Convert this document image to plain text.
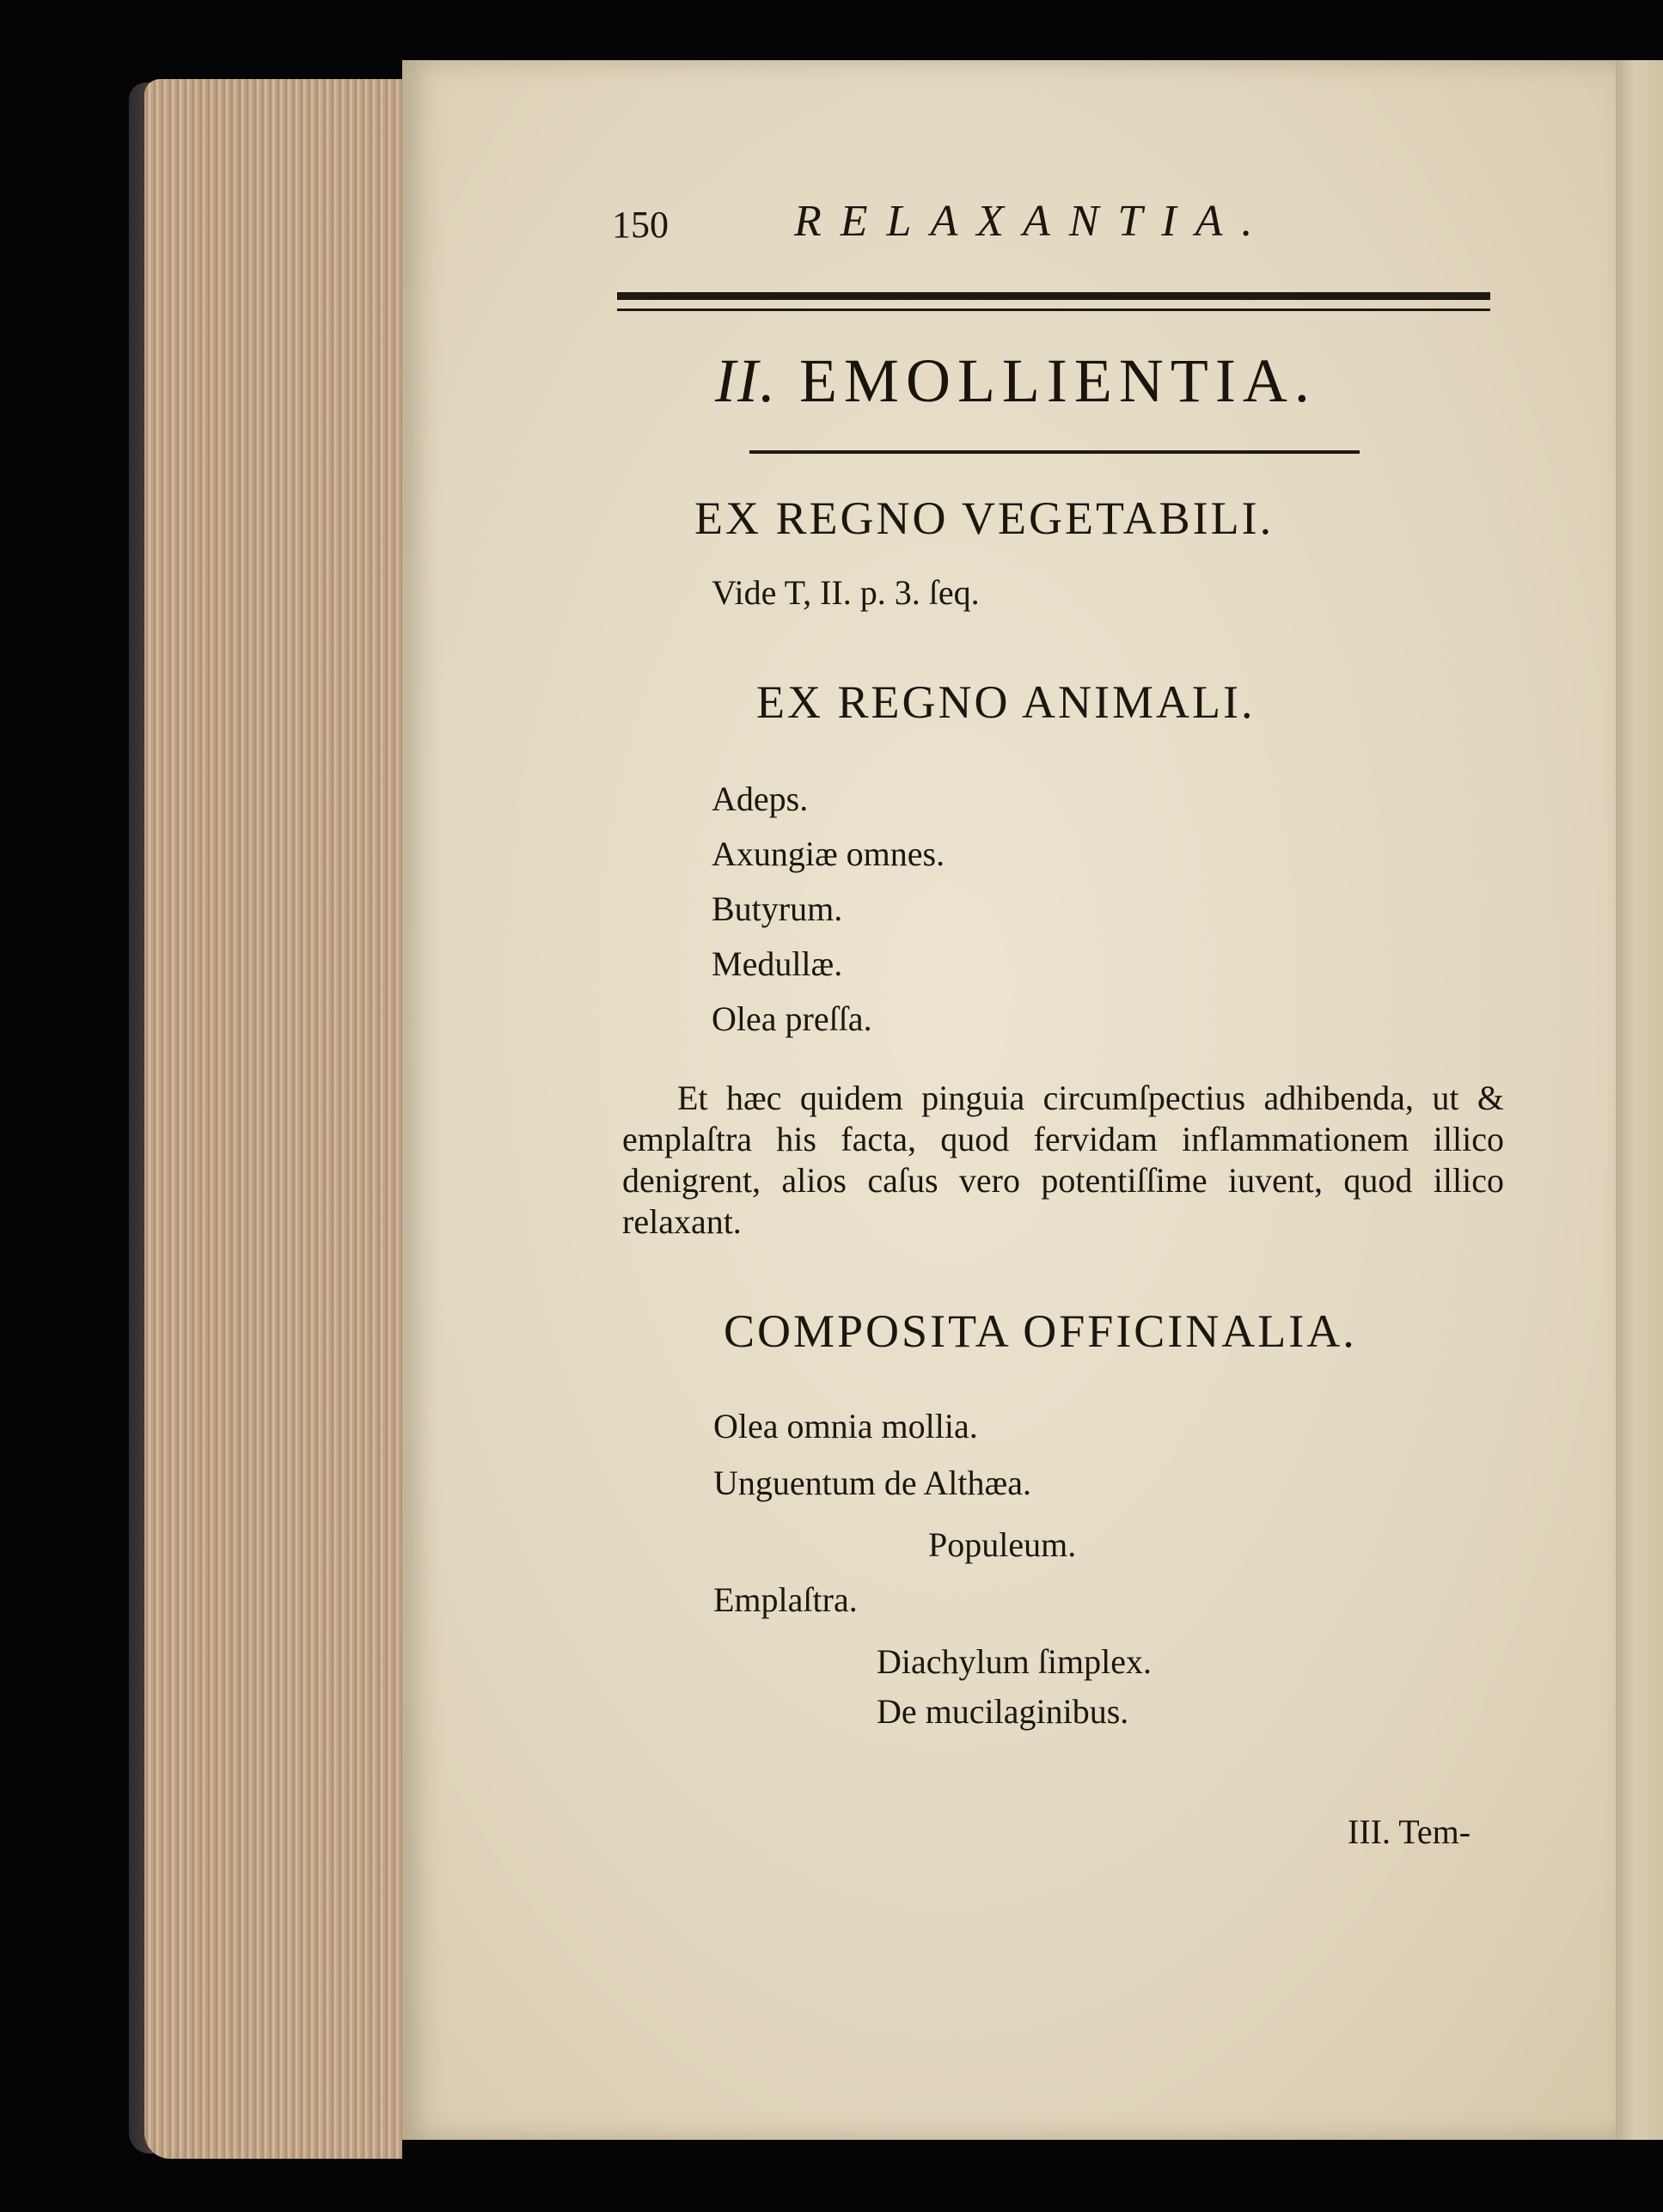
150	RELAXANTIA.
II. EMOLLIENTIA.
EX REGNO VEGETABILI.
Vide T, II. p. 3. ſeq.
EX REGNO ANIMALI.
Adeps.
Axungiæ omnes.
Butyrum.
Medullæ.
Olea preſſa.
Et hæc quidem pinguia circumſpectius adhibenda, ut & emplaſtra his facta, quod fervidam inflammationem illico denigrent, alios caſus vero potentiſſime iuvent, quod illico relaxant.
COMPOSITA OFFICINALIA.
Olea omnia mollia.
Unguentum de Althæa.
Populeum.
Emplaſtra.
Diachylum ſimplex.
De mucilaginibus.
III. Tem-
